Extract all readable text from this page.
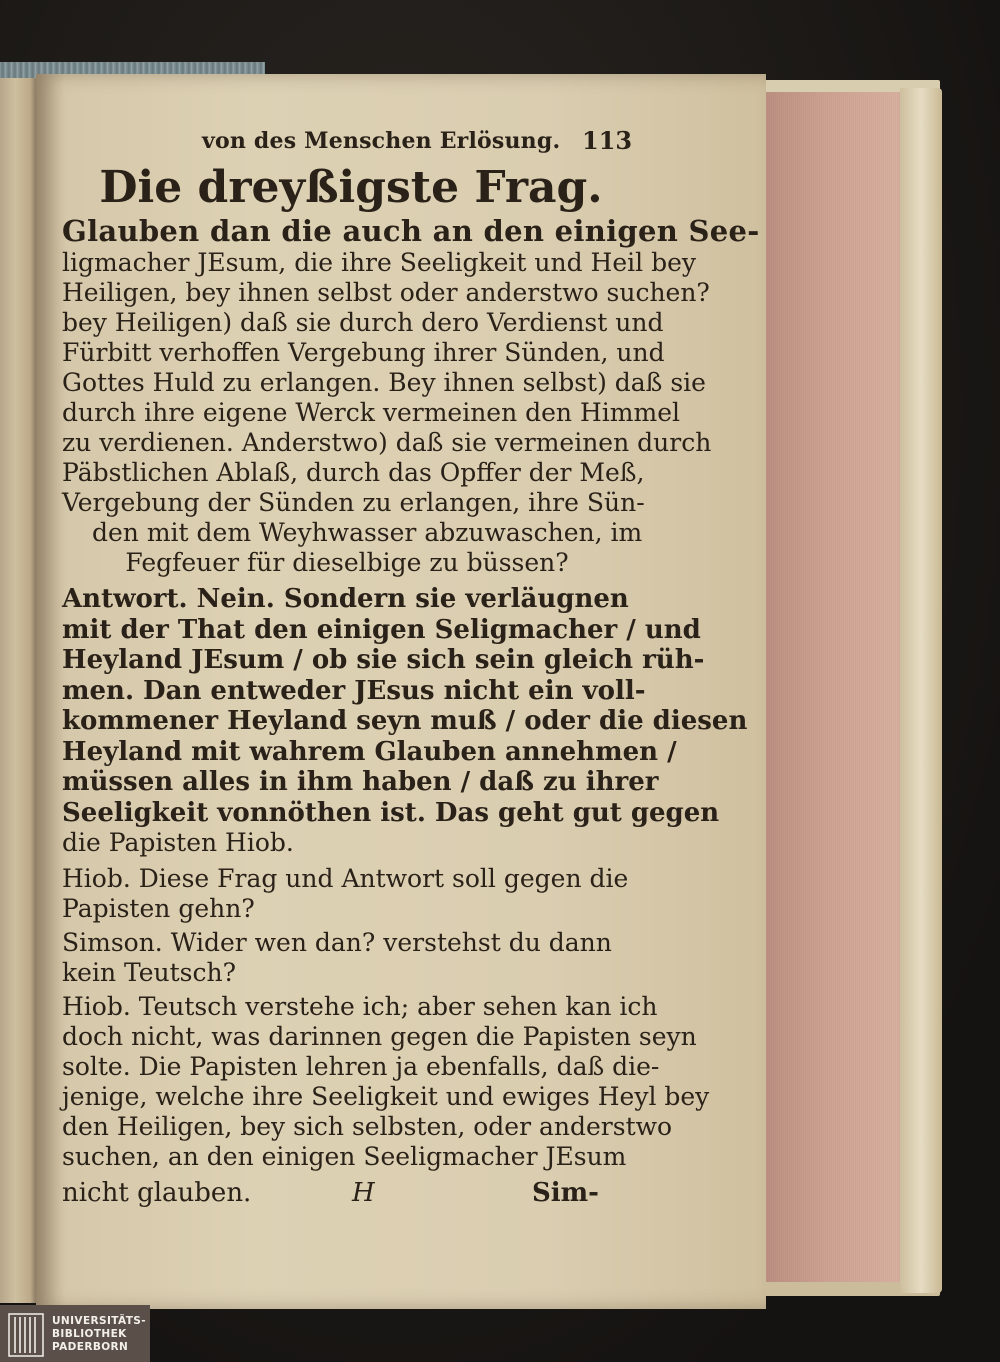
von des Menschen Erlösung. 113
Die dreyßigste Frag.
Glauben dan die auch an den einigen See-
ligmacher JEsum, die ihre Seeligkeit und Heil bey
Heiligen, bey ihnen selbst oder anderstwo suchen?
bey Heiligen) daß sie durch dero Verdienst und
Fürbitt verhoffen Vergebung ihrer Sünden, und
Gottes Huld zu erlangen. Bey ihnen selbst) daß sie
durch ihre eigene Werck vermeinen den Himmel
zu verdienen. Anderstwo) daß sie vermeinen durch
Päbstlichen Ablaß, durch das Opffer der Meß,
Vergebung der Sünden zu erlangen, ihre Sün-
den mit dem Weyhwasser abzuwaschen, im
Fegfeuer für dieselbige zu büssen?
Antwort. Nein. Sondern sie verläugnen
mit der That den einigen Seligmacher / und
Heyland JEsum / ob sie sich sein gleich rüh-
men. Dan entweder JEsus nicht ein voll-
kommener Heyland seyn muß / oder die diesen
Heyland mit wahrem Glauben annehmen /
müssen alles in ihm haben / daß zu ihrer
Seeligkeit vonnöthen ist. Das geht gut gegen
die Papisten Hiob.
Hiob. Diese Frag und Antwort soll gegen die
Papisten gehn?
Simson. Wider wen dan? verstehst du dann
kein Teutsch?
Hiob. Teutsch verstehe ich; aber sehen kan ich
doch nicht, was darinnen gegen die Papisten seyn
solte. Die Papisten lehren ja ebenfalls, daß die-
jenige, welche ihre Seeligkeit und ewiges Heyl bey
den Heiligen, bey sich selbsten, oder anderstwo
suchen, an den einigen Seeligmacher JEsum
nicht glauben.	H	Sim-
UNIVERSITÄTS-
BIBLIOTHEK
PADERBORN
